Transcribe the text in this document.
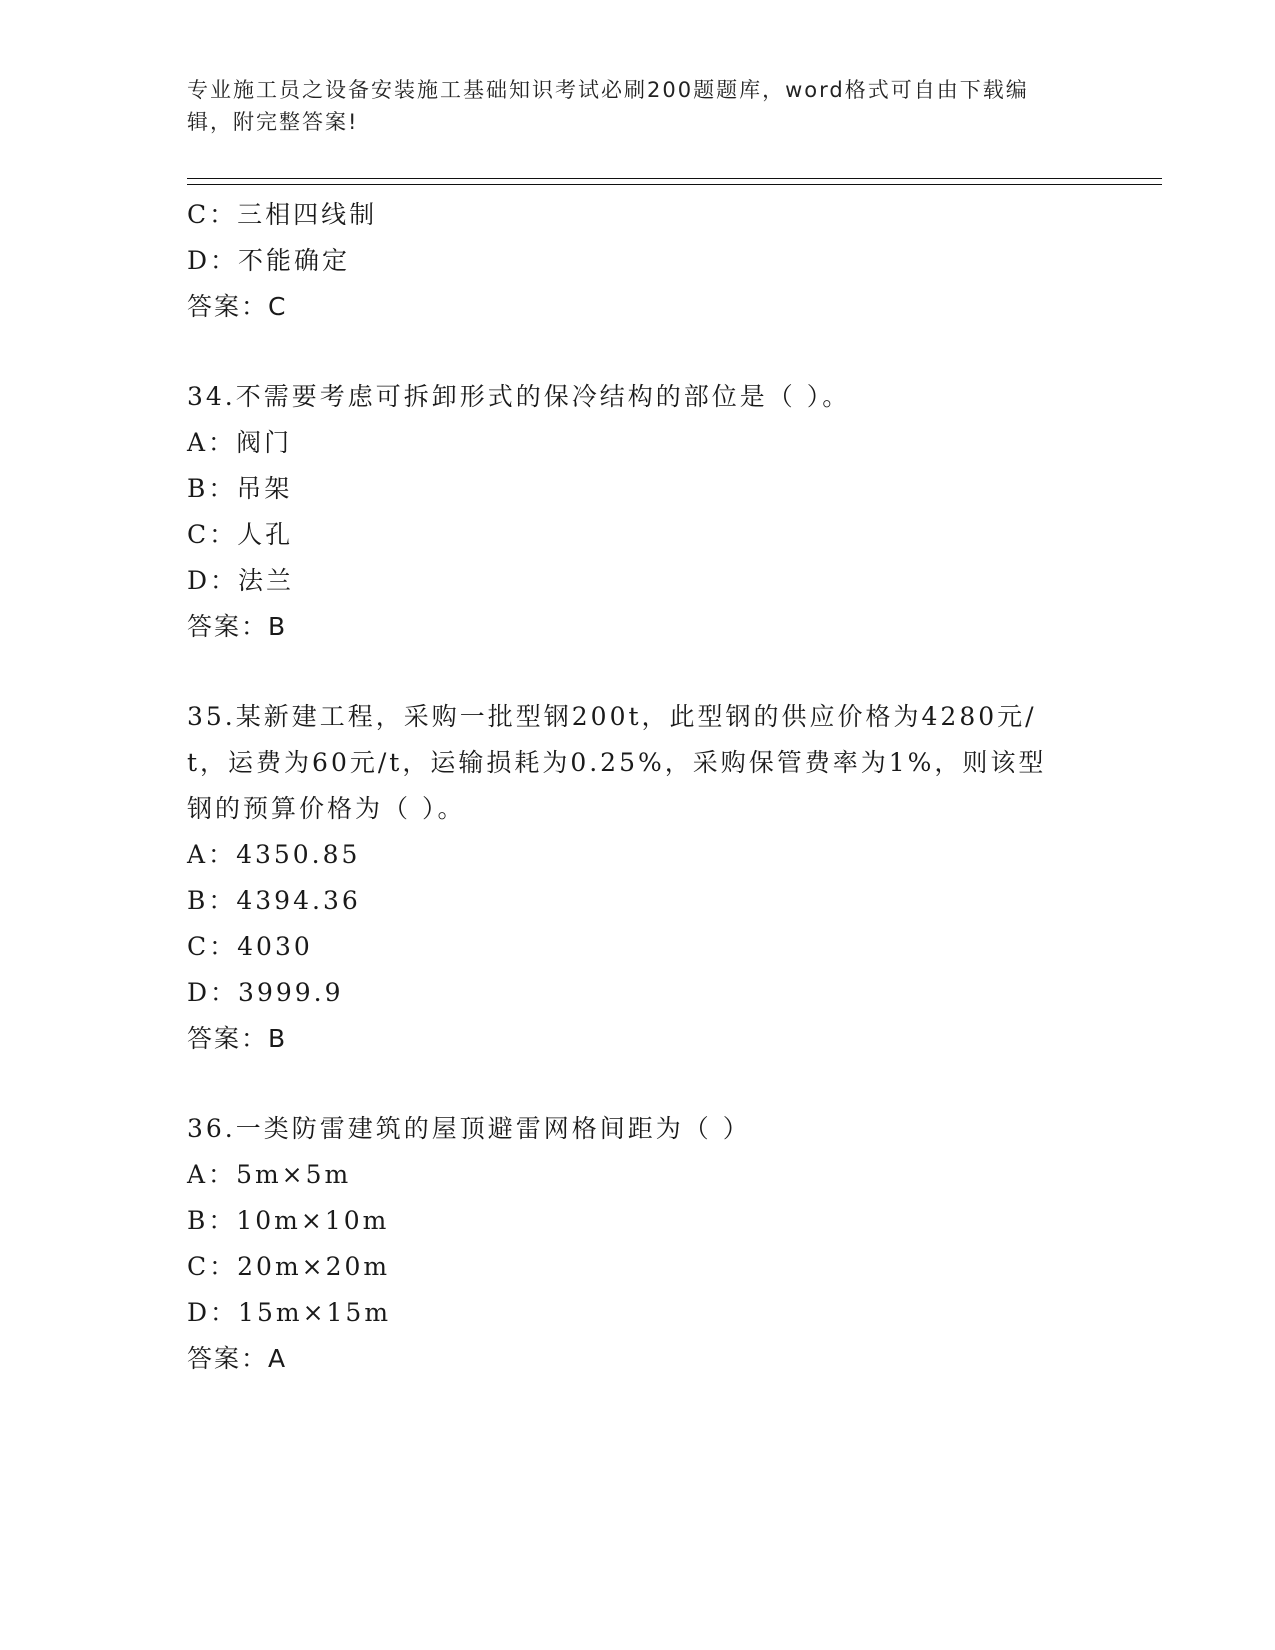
专业施工员之设备安装施工基础知识考试必刷200题题库，word格式可自由下载编辑，附完整答案!
C：三相四线制
D：不能确定
答案：C
34.不需要考虑可拆卸形式的保冷结构的部位是（ ）。
A：阀门
B：吊架
C：人孔
D：法兰
答案：B
35.某新建工程，采购一批型钢200t，此型钢的供应价格为4280元/t，运费为60元/t，运输损耗为0.25%，采购保管费率为1%，则该型钢的预算价格为（ ）。
A：4350.85
B：4394.36
C：4030
D：3999.9
答案：B
36.一类防雷建筑的屋顶避雷网格间距为（ ）
A：5m×5m
B：10m×10m
C：20m×20m
D：15m×15m
答案：A
